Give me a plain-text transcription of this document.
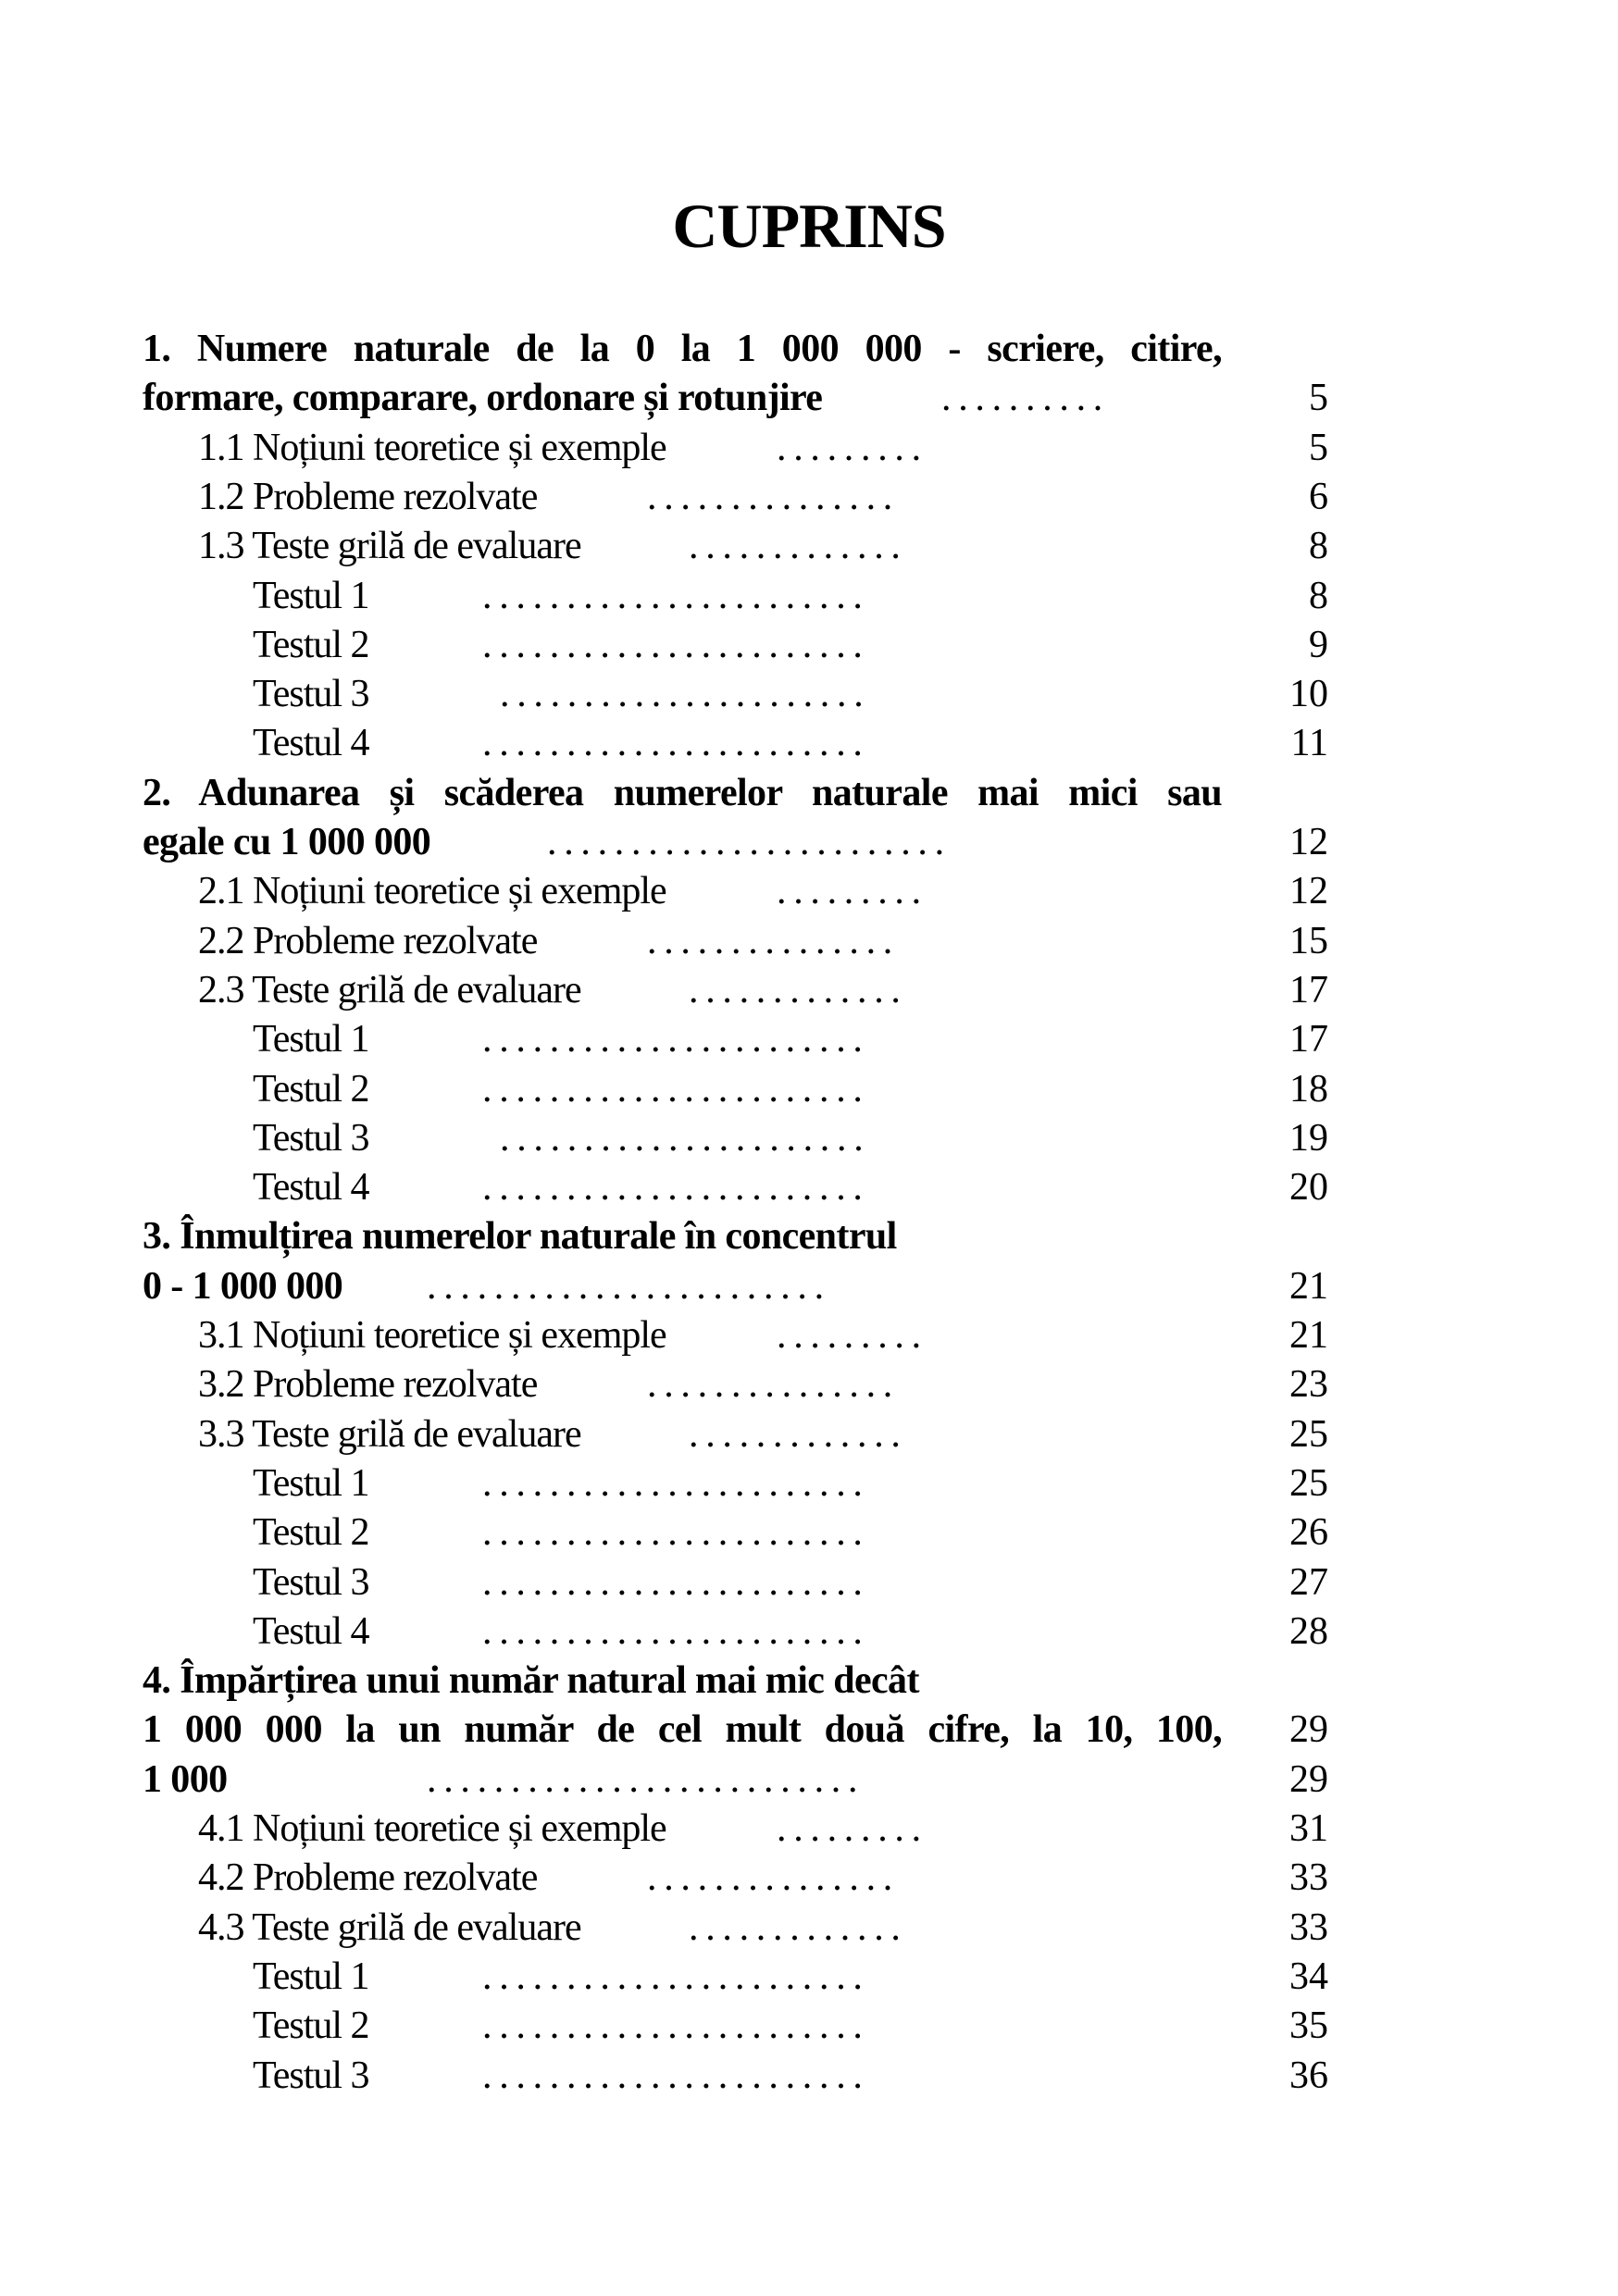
CUPRINS
1. Numere naturale de la 0 la 1 000 000 - scriere, citire,
formare, comparare, ordonare și rotunjire	..........	5
1.1 Noțiuni teoretice și exemple	.........	5
1.2 Probleme rezolvate	...............	6
1.3 Teste grilă de evaluare	.............	8
Testul 1	.......................	8
Testul 2	.......................	9
Testul 3	......................	10
Testul 4	.......................	11
2. Adunarea și scăderea numerelor naturale mai mici sau
egale cu 1 000 000	........................	12
2.1 Noțiuni teoretice și exemple	.........	12
2.2 Probleme rezolvate	...............	15
2.3 Teste grilă de evaluare	.............	17
Testul 1	.......................	17
Testul 2	.......................	18
Testul 3	......................	19
Testul 4	.......................	20
3. Înmulțirea numerelor naturale în concentrul
0 - 1 000 000 ........................	21
3.1 Noțiuni teoretice și exemple	.........	21
3.2 Probleme rezolvate	...............	23
3.3 Teste grilă de evaluare	.............	25
Testul 1	.......................	25
Testul 2	.......................	26
Testul 3	.......................	27
Testul 4	.......................	28
4. Împărțirea unui număr natural mai mic decât
1 000 000 la un număr de cel mult două cifre, la 10, 100, 29
1 000	..........................	29
4.1 Noțiuni teoretice și exemple	.........	31
4.2 Probleme rezolvate	...............	33
4.3 Teste grilă de evaluare	.............	33
Testul 1	.......................	34
Testul 2	.......................	35
Testul 3	.......................	36
